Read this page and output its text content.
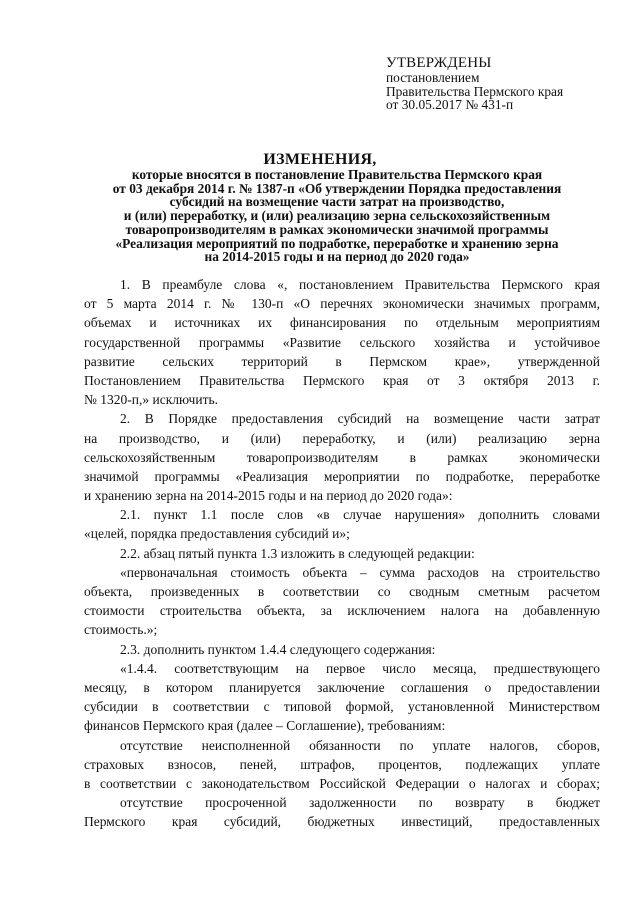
УТВЕРЖДЕНЫ
постановлением
Правительства Пермского края
от 30.05.2017 № 431-п
ИЗМЕНЕНИЯ,
которые вносятся в постановление Правительства Пермского края
от 03 декабря 2014 г. № 1387-п «Об утверждении Порядка предоставления
субсидий на возмещение части затрат на производство,
и (или) переработку, и (или) реализацию зерна сельскохозяйственным
товаропроизводителям в рамках экономически значимой программы
«Реализация мероприятий по подработке, переработке и хранению зерна
на 2014-2015 годы и на период до 2020 года»
1. В преамбуле слова «, постановлением Правительства Пермского края
от 5 марта 2014 г. № 130-п «О перечнях экономически значимых программ,
объемах и источниках их финансирования по отдельным мероприятиям
государственной программы «Развитие сельского хозяйства и устойчивое
развитие сельских территорий в Пермском крае», утвержденной
Постановлением Правительства Пермского края от 3 октября 2013 г.
№ 1320-п,» исключить.
2. В Порядке предоставления субсидий на возмещение части затрат
на производство, и (или) переработку, и (или) реализацию зерна
сельскохозяйственным товаропроизводителям в рамках экономически
значимой программы «Реализация мероприятии по подработке, переработке
и хранению зерна на 2014-2015 годы и на период до 2020 года»:
2.1. пункт 1.1 после слов «в случае нарушения» дополнить словами
«целей, порядка предоставления субсидий и»;
2.2. абзац пятый пункта 1.3 изложить в следующей редакции:
«первоначальная стоимость объекта – сумма расходов на строительство
объекта, произведенных в соответствии со сводным сметным расчетом
стоимости строительства объекта, за исключением налога на добавленную
стоимость.»;
2.3. дополнить пунктом 1.4.4 следующего содержания:
«1.4.4. соответствующим на первое число месяца, предшествующего
месяцу, в котором планируется заключение соглашения о предоставлении
субсидии в соответствии с типовой формой, установленной Министерством
финансов Пермского края (далее – Соглашение), требованиям:
отсутствие неисполненной обязанности по уплате налогов, сборов,
страховых взносов, пеней, штрафов, процентов, подлежащих уплате
в соответствии с законодательством Российской Федерации о налогах и сборах;
отсутствие просроченной задолженности по возврату в бюджет
Пермского края субсидий, бюджетных инвестиций, предоставленных
